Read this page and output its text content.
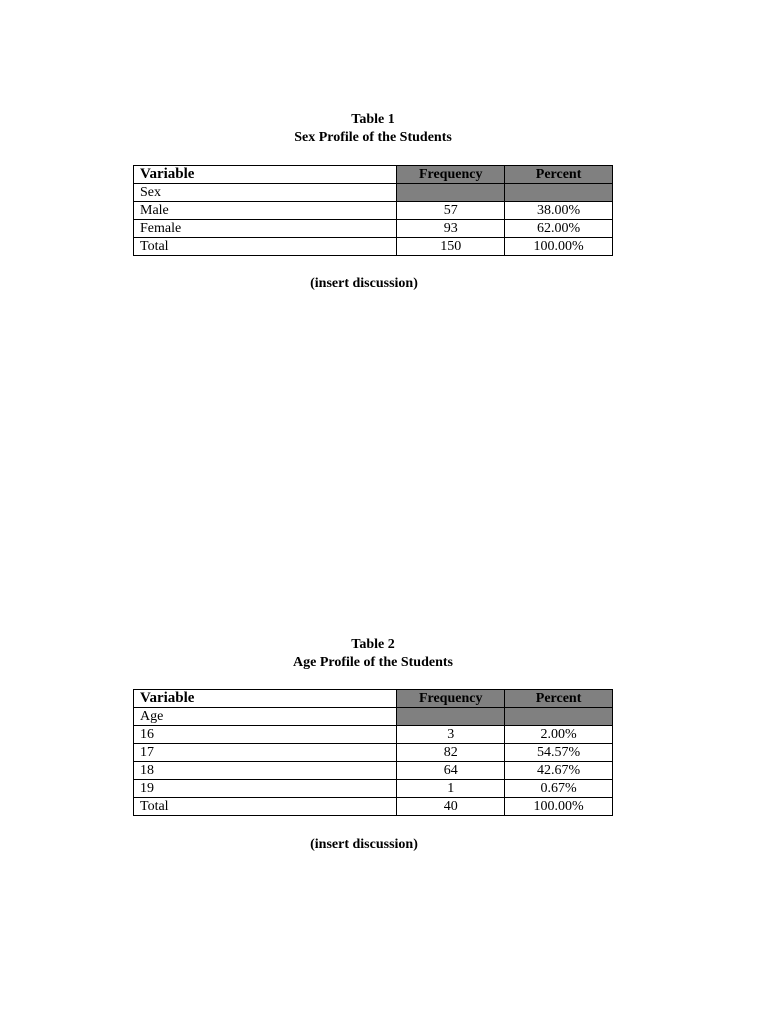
Table 1
Sex Profile of the Students
Variable	Frequency	Percent
Sex		
Male	57	38.00%
Female	93	62.00%
Total	150	100.00%
(insert discussion)
Table 2
Age Profile of the Students
Variable	Frequency	Percent
Age		
16	3	2.00%
17	82	54.57%
18	64	42.67%
19	1	0.67%
Total	40	100.00%
(insert discussion)
